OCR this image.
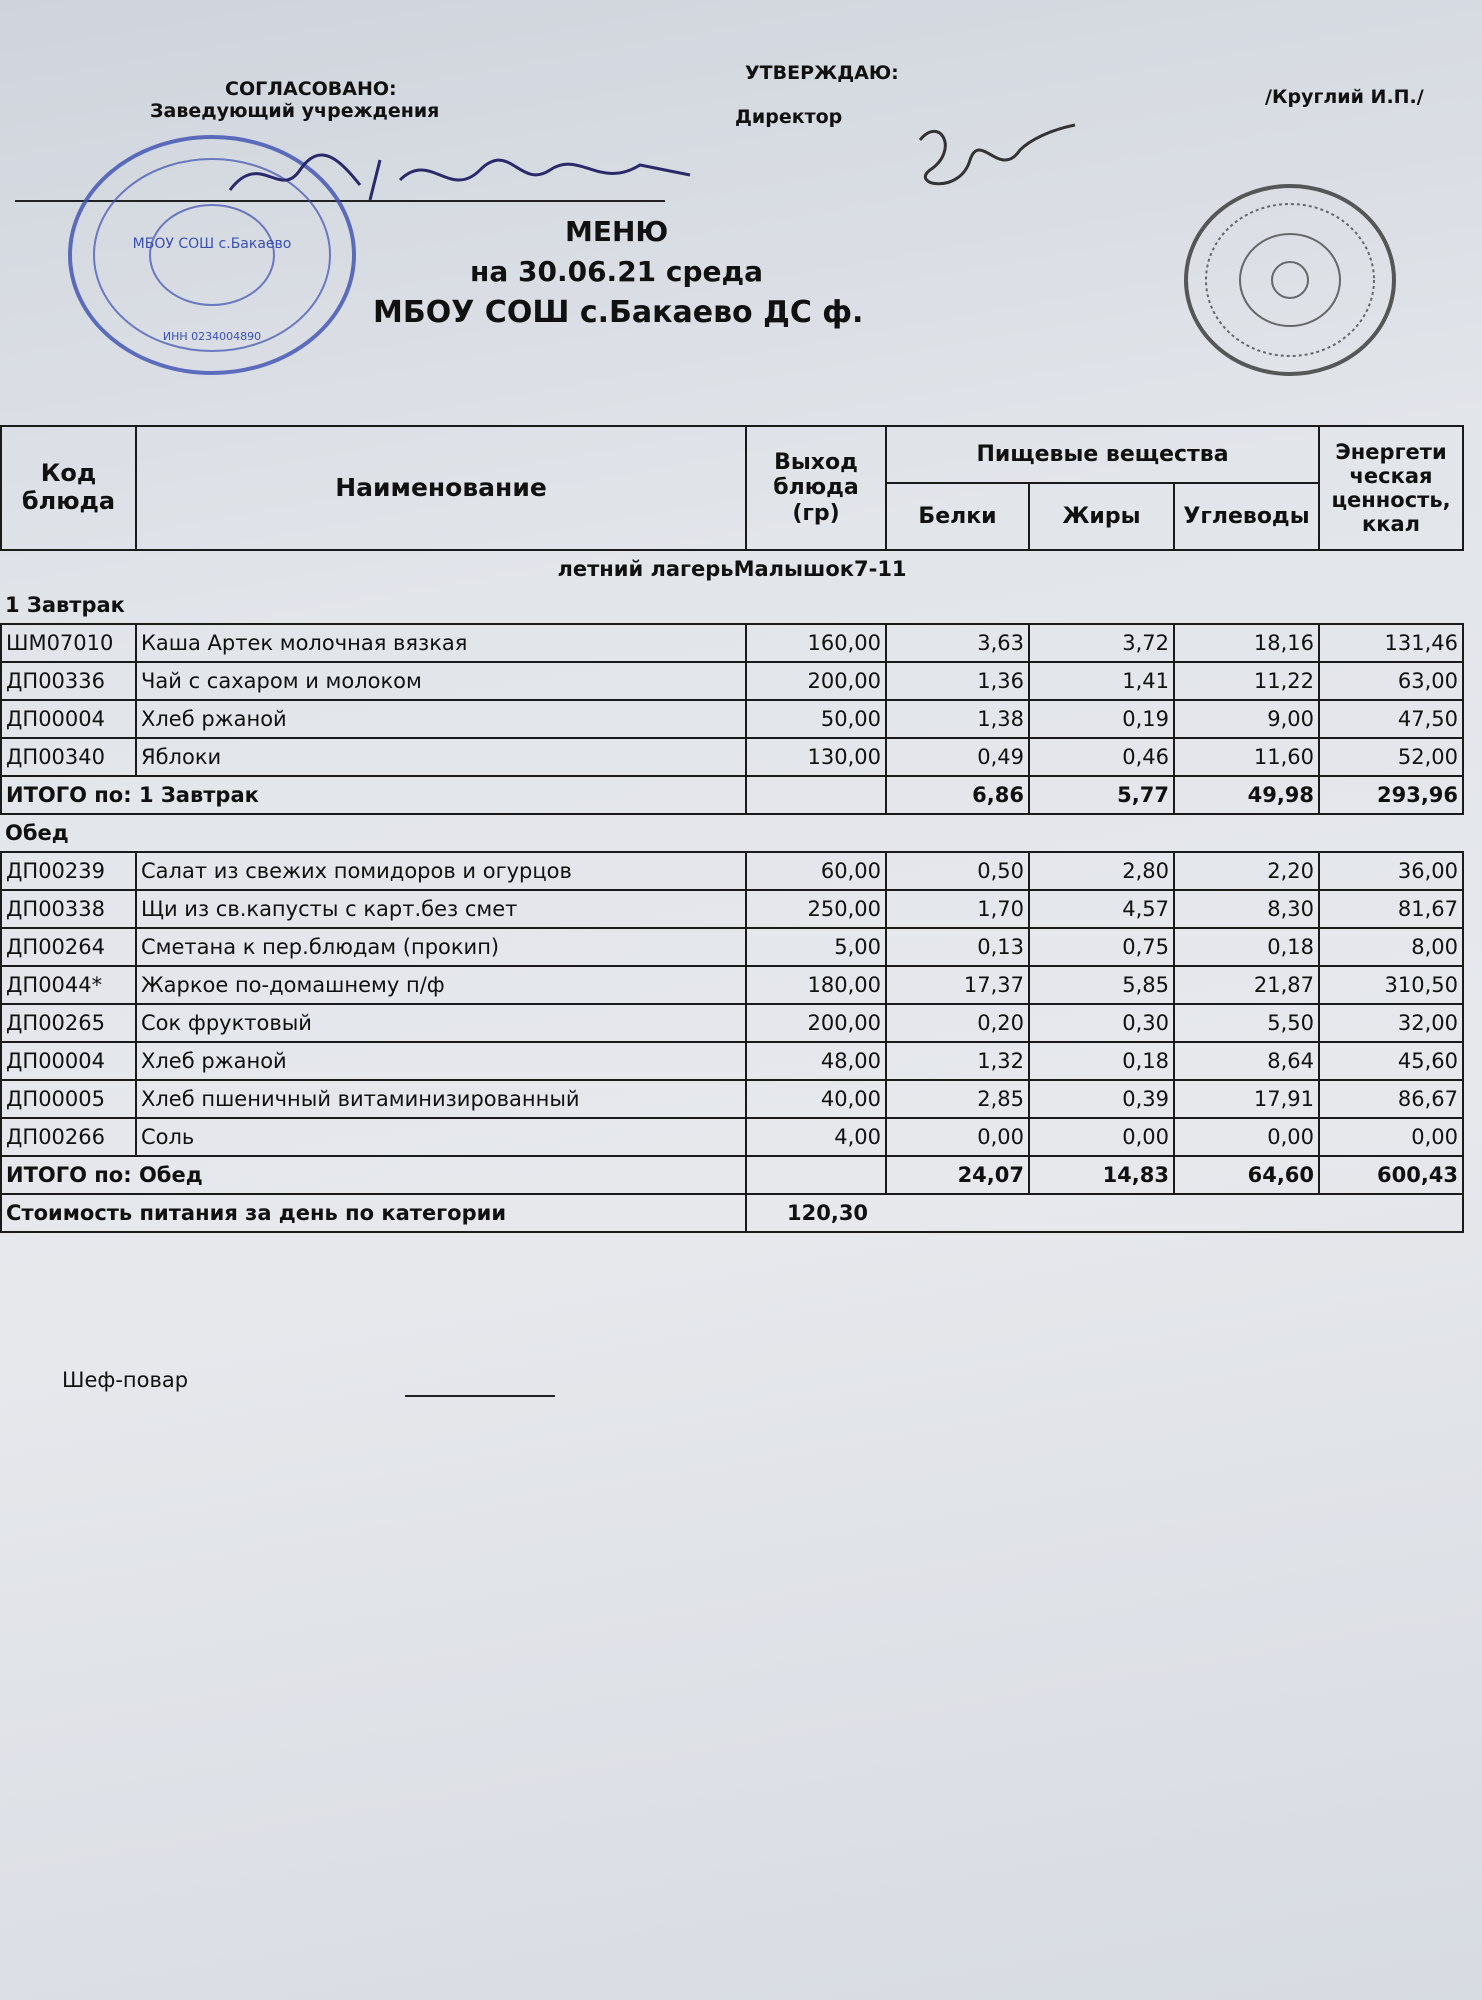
СОГЛАСОВАНО:
Заведующий учреждения
УТВЕРЖДАЮ:
Директор
/Круглий И.П./
МБОУ СОШ с.Бакаево
ИНН 0234004890
МЕНЮ
на 30.06.21 среда
МБОУ СОШ с.Бакаево ДС ф.
Код блюда	Наименование	Выход блюда (гр)	Пищевые вещества			Энергети ческая ценность, ккал
			Белки	Жиры	Углеводы	
летний лагерьМалышок7-11						
1 Завтрак						
ШМ07010	Каша Артек молочная вязкая	160,00	3,63	3,72	18,16	131,46
ДП00336	Чай с сахаром и молоком	200,00	1,36	1,41	11,22	63,00
ДП00004	Хлеб ржаной	50,00	1,38	0,19	9,00	47,50
ДП00340	Яблоки	130,00	0,49	0,46	11,60	52,00
ИТОГО по: 1 Завтрак			6,86	5,77	49,98	293,96
Обед						
ДП00239	Салат из свежих помидоров и огурцов	60,00	0,50	2,80	2,20	36,00
ДП00338	Щи из св.капусты с карт.без смет	250,00	1,70	4,57	8,30	81,67
ДП00264	Сметана к пер.блюдам (прокип)	5,00	0,13	0,75	0,18	8,00
ДП0044*	Жаркое по-домашнему п/ф	180,00	17,37	5,85	21,87	310,50
ДП00265	Сок фруктовый	200,00	0,20	0,30	5,50	32,00
ДП00004	Хлеб ржаной	48,00	1,32	0,18	8,64	45,60
ДП00005	Хлеб пшеничный витаминизированный	40,00	2,85	0,39	17,91	86,67
ДП00266	Соль	4,00	0,00	0,00	0,00	0,00
ИТОГО по: Обед			24,07	14,83	64,60	600,43
Стоимость питания за день по категории		120,30				
Шеф-повар
